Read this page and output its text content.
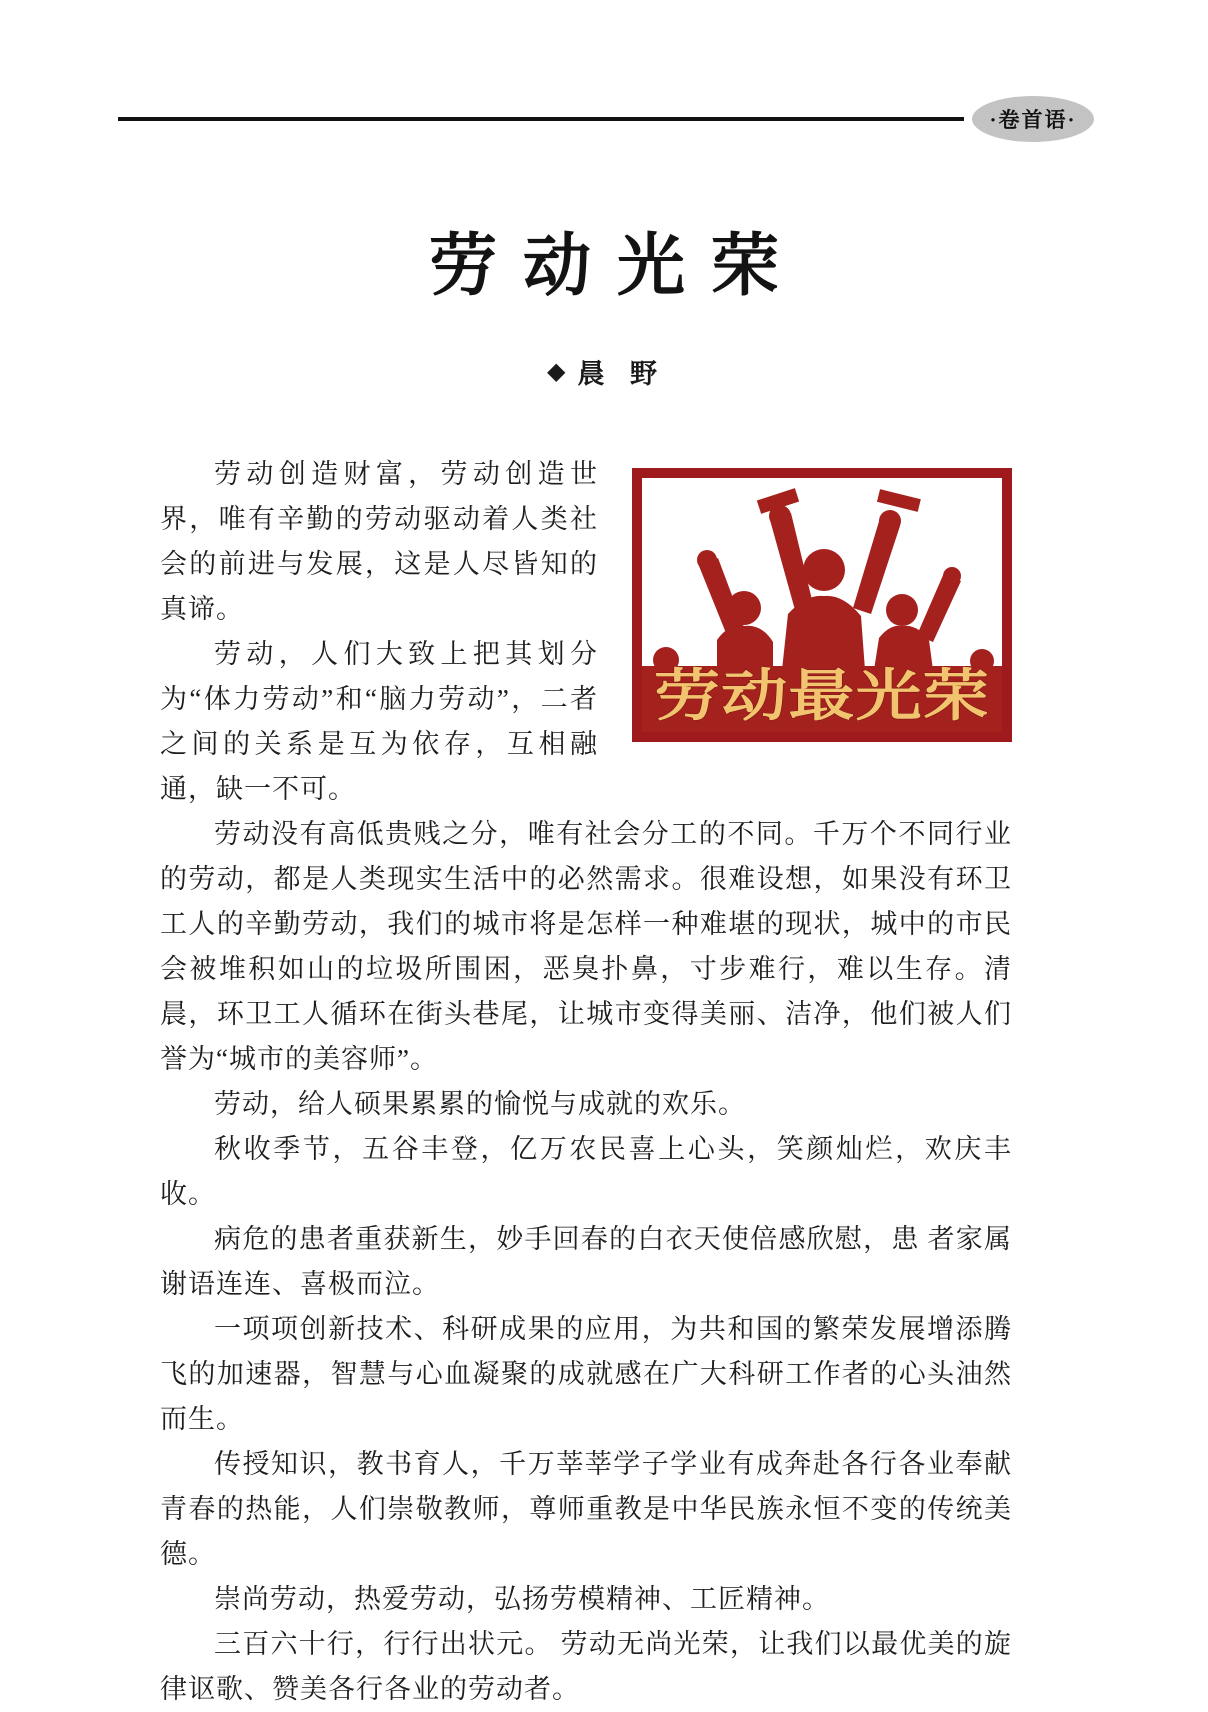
·卷首语·
劳动光荣
◆ 晨  野
劳动最光荣

劳动创造财富，劳动创造世界，唯有辛勤的劳动驱动着人类社会的前进与发展，这是人尽皆知的真谛。

劳动，人们大致上把其划分为“体力劳动”和“脑力劳动”，二者之间的关系是互为依存，互相融通，缺一不可。

劳动没有高低贵贱之分，唯有社会分工的不同。千万个不同行业的劳动，都是人类现实生活中的必然需求。很难设想，如果没有环卫工人的辛勤劳动，我们的城市将是怎样一种难堪的现状，城中的市民会被堆积如山的垃圾所围困，恶臭扑鼻，寸步难行，难以生存。清晨，环卫工人循环在街头巷尾，让城市变得美丽、洁净，他们被人们誉为“城市的美容师”。

劳动，给人硕果累累的愉悦与成就的欢乐。

秋收季节，五谷丰登，亿万农民喜上心头，笑颜灿烂，欢庆丰收。

病危的患者重获新生，妙手回春的白衣天使倍感欣慰，患 者家属谢语连连、喜极而泣。

一项项创新技术、科研成果的应用，为共和国的繁荣发展增添腾飞的加速器，智慧与心血凝聚的成就感在广大科研工作者的心头油然而生。

传授知识，教书育人，千万莘莘学子学业有成奔赴各行各业奉献青春的热能，人们崇敬教师，尊师重教是中华民族永恒不变的传统美德。

崇尚劳动，热爱劳动，弘扬劳模精神、工匠精神。

三百六十行，行行出状元。 劳动无尚光荣，让我们以最优美的旋律讴歌、赞美各行各业的劳动者。
